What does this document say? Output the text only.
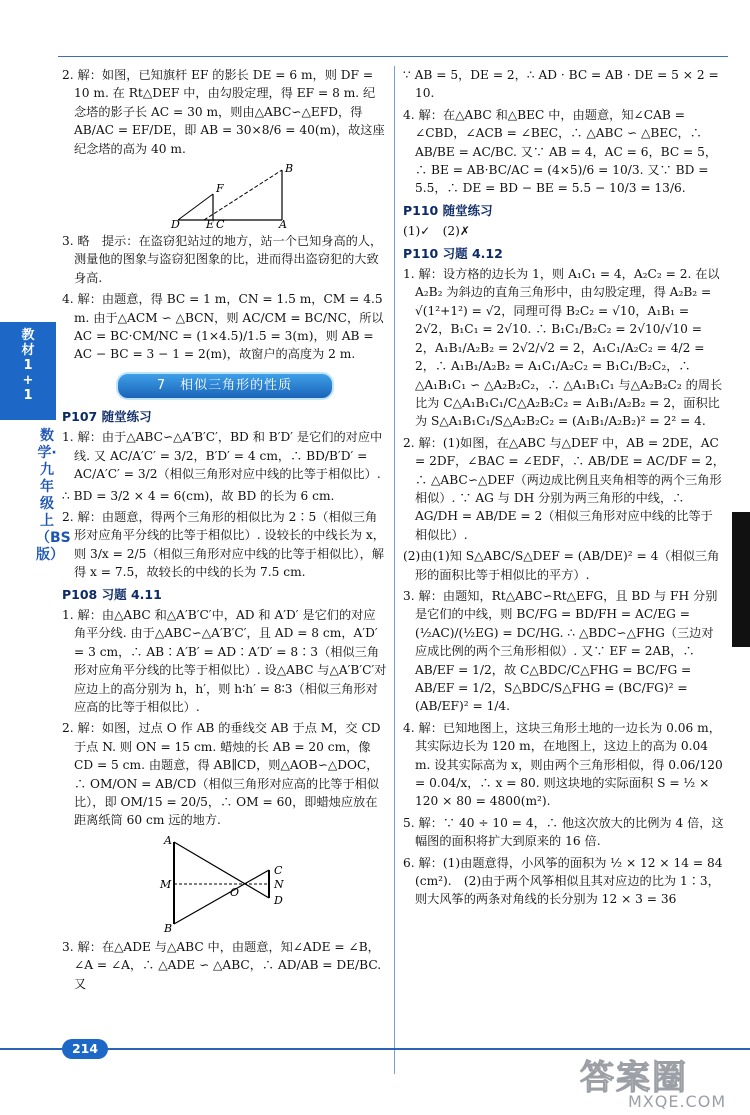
教材1+1
数学·九年级上（BS版）

2. 解：如图，已知旗杆 EF 的影长 DE = 6 m，则 DF = 10 m. 在 Rt△DEF 中，由勾股定理，得 EF = 8 m. 纪念塔的影子长 AC = 30 m，则由△ABC∽△EFD，得 AB/AC = EF/DE，即 AB = 30×8/6 = 40(m)，故这座纪念塔的高为 40 m.

B
F
D E C	A

3. 略　提示：在盗窃犯站过的地方，站一个已知身高的人，测量他的图象与盗窃犯图象的比，进而得出盗窃犯的大致身高.

4. 解：由题意，得 BC = 1 m，CN = 1.5 m，CM = 4.5 m. 由于△ACM ∽ △BCN，则 AC/CM = BC/NC，所以 AC = BC·CM/NC = (1×4.5)/1.5 = 3(m)，则 AB = AC − BC = 3 − 1 = 2(m)，故窗户的高度为 2 m.

7　相似三角形的性质
P107 随堂练习

1. 解：由于△ABC∽△A′B′C′，BD 和 B′D′ 是它们的对应中线. 又 AC/A′C′ = 3/2，B′D′ = 4 cm，∴ BD/B′D′ = AC/A′C′ = 3/2（相似三角形对应中线的比等于相似比）.

∴ BD = 3/2 × 4 = 6(cm)，故 BD 的长为 6 cm.

2. 解：由题意，得两个三角形的相似比为 2∶5（相似三角形对应角平分线的比等于相似比）. 设较长的中线长为 x，则 3/x = 2/5（相似三角形对应中线的比等于相似比），解得 x = 7.5，故较长的中线的长为 7.5 cm.

P108 习题 4.11

1. 解：由△ABC 和△A′B′C′中，AD 和 A′D′ 是它们的对应角平分线. 由于△ABC∽△A′B′C′，且 AD = 8 cm，A′D′ = 3 cm，∴ AB∶A′B′ = AD∶A′D′ = 8∶3（相似三角形对应角平分线的比等于相似比）. 设△ABC 与△A′B′C′对应边上的高分别为 h，h′，则 h∶h′ = 8∶3（相似三角形对应高的比等于相似比）.

2. 解：如图，过点 O 作 AB 的垂线交 AB 于点 M，交 CD 于点 N. 则 ON = 15 cm. 蜡烛的长 AB = 20 cm，像 CD = 5 cm. 由题意，得 AB∥CD，则△AOB∽△DOC，∴ OM/ON = AB/CD（相似三角形对应高的比等于相似比），即 OM/15 = 20/5，∴ OM = 60，即蜡烛应放在距离纸筒 60 cm 远的地方.

A
M
B
O
C
N
D

3. 解：在△ADE 与△ABC 中，由题意，知∠ADE = ∠B，∠A = ∠A，∴ △ADE ∽ △ABC，∴ AD/AB = DE/BC. 又

∵ AB = 5，DE = 2，∴ AD · BC = AB · DE = 5 × 2 = 10.

4. 解：在△ABC 和△BEC 中，由题意，知∠CAB = ∠CBD，∠ACB = ∠BEC，∴ △ABC ∽ △BEC，∴ AB/BE = AC/BC. 又∵ AB = 4，AC = 6，BC = 5，∴ BE = AB·BC/AC = (4×5)/6 = 10/3. 又∵ BD = 5.5，∴ DE = BD − BE = 5.5 − 10/3 = 13/6.

P110 随堂练习

(1)✓　(2)✗

P110 习题 4.12

1. 解：设方格的边长为 1，则 A₁C₁ = 4，A₂C₂ = 2. 在以 A₂B₂ 为斜边的直角三角形中，由勾股定理，得 A₂B₂ = √(1²+1²) = √2，同理可得 B₂C₂ = √10，A₁B₁ = 2√2，B₁C₁ = 2√10. ∴ B₁C₁/B₂C₂ = 2√10/√10 = 2，A₁B₁/A₂B₂ = 2√2/√2 = 2，A₁C₁/A₂C₂ = 4/2 = 2，∴ A₁B₁/A₂B₂ = A₁C₁/A₂C₂ = B₁C₁/B₂C₂，∴ △A₁B₁C₁ ∽ △A₂B₂C₂，∴ △A₁B₁C₁ 与△A₂B₂C₂ 的周长比为 C△A₁B₁C₁/C△A₂B₂C₂ = A₁B₁/A₂B₂ = 2，面积比为 S△A₁B₁C₁/S△A₂B₂C₂ = (A₁B₁/A₂B₂)² = 2² = 4.

2. 解：(1)如图，在△ABC 与△DEF 中，AB = 2DE，AC = 2DF，∠BAC = ∠EDF，∴ AB/DE = AC/DF = 2，∴ △ABC∽△DEF（两边成比例且夹角相等的两个三角形相似）. ∵ AG 与 DH 分别为两三角形的中线，∴ AG/DH = AB/DE = 2（相似三角形对应中线的比等于相似比）.

(2)由(1)知 S△ABC/S△DEF = (AB/DE)² = 4（相似三角形的面积比等于相似比的平方）.

3. 解：由题知，Rt△ABC∽Rt△EFG，且 BD 与 FH 分别是它们的中线，则 BC/FG = BD/FH = AC/EG = (½AC)/(½EG) = DC/HG. ∴ △BDC∽△FHG（三边对应成比例的两个三角形相似）. 又∵ EF = 2AB，∴ AB/EF = 1/2，故 C△BDC/C△FHG = BC/FG = AB/EF = 1/2，S△BDC/S△FHG = (BC/FG)² = (AB/EF)² = 1/4.

4. 解：已知地图上，这块三角形土地的一边长为 0.06 m，其实际边长为 120 m，在地图上，这边上的高为 0.04 m. 设其实际高为 x，则由两个三角形相似，得 0.06/120 = 0.04/x，∴ x = 80. 则这块地的实际面积 S = ½ × 120 × 80 = 4800(m²).

5. 解：∵ 40 ÷ 10 = 4，∴ 他这次放大的比例为 4 倍，这幅图的面积将扩大到原来的 16 倍.

6. 解：(1)由题意得，小风筝的面积为 ½ × 12 × 14 = 84 (cm²).　(2)由于两个风筝相似且其对应边的比为 1∶3，则大风筝的两条对角线的长分别为 12 × 3 = 36

214
答案圈
MXQE.COM
